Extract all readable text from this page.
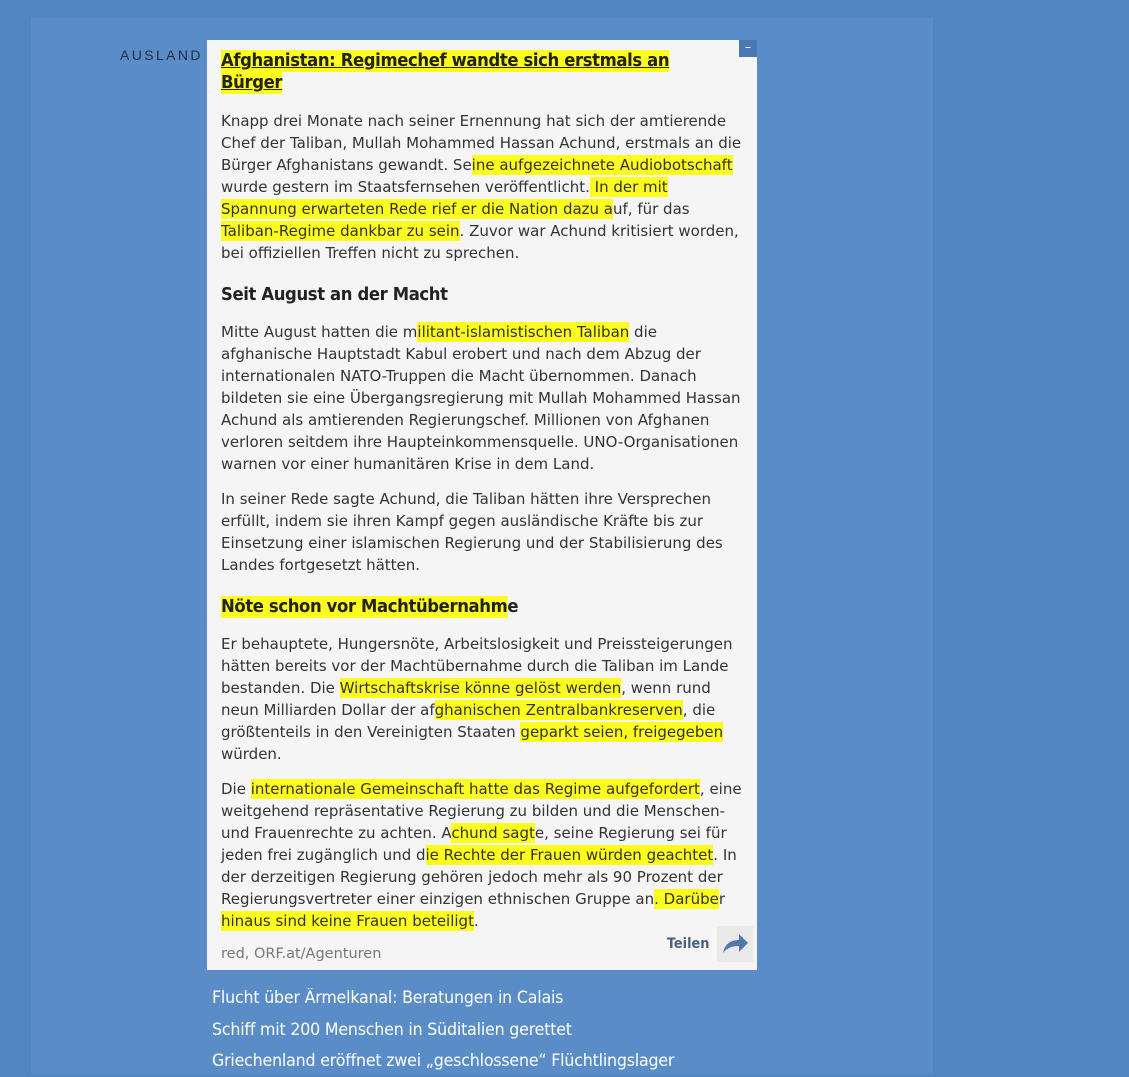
AUSLAND	–
Afghanistan: Regimechef wandte sich erstmals an Bürger

Knapp drei Monate nach seiner Ernennung hat sich der amtierende Chef der Taliban, Mullah Mohammed Hassan Achund, erstmals an die Bürger Afghanistans gewandt. Seine aufgezeichnete Audiobotschaft wurde gestern im Staatsfernsehen veröffentlicht. In der mit Spannung erwarteten Rede rief er die Nation dazu auf, für das Taliban-Regime dankbar zu sein. Zuvor war Achund kritisiert worden, bei offiziellen Treffen nicht zu sprechen.

Seit August an der Macht

Mitte August hatten die militant-islamistischen Taliban die afghanische Hauptstadt Kabul erobert und nach dem Abzug der internationalen NATO-Truppen die Macht übernommen. Danach bildeten sie eine Übergangsregierung mit Mullah Mohammed Hassan Achund als amtierenden Regierungschef. Millionen von Afghanen verloren seitdem ihre Haupteinkommensquelle. UNO-Organisationen warnen vor einer humanitären Krise in dem Land.

In seiner Rede sagte Achund, die Taliban hätten ihre Versprechen erfüllt, indem sie ihren Kampf gegen ausländische Kräfte bis zur Einsetzung einer islamischen Regierung und der Stabilisierung des Landes fortgesetzt hätten.

Nöte schon vor Machtübernahme

Er behauptete, Hungersnöte, Arbeitslosigkeit und Preissteigerungen hätten bereits vor der Machtübernahme durch die Taliban im Lande bestanden. Die Wirtschaftskrise könne gelöst werden, wenn rund neun Milliarden Dollar der afghanischen Zentralbankreserven, die größtenteils in den Vereinigten Staaten geparkt seien, freigegeben würden.

Die internationale Gemeinschaft hatte das Regime aufgefordert, eine weitgehend repräsentative Regierung zu bilden und die Menschen- und Frauenrechte zu achten. Achund sagte, seine Regierung sei für jeden frei zugänglich und die Rechte der Frauen würden geachtet. In der derzeitigen Regierung gehören jedoch mehr als 90 Prozent der Regierungsvertreter einer einzigen ethnischen Gruppe an. Darüber hinaus sind keine Frauen beteiligt.

red, ORF.at/Agenturen

Teilen
Flucht über Ärmelkanal: Beratungen in Calais
Schiff mit 200 Menschen in Süditalien gerettet
Griechenland eröffnet zwei „geschlossene“ Flüchtlingslager
